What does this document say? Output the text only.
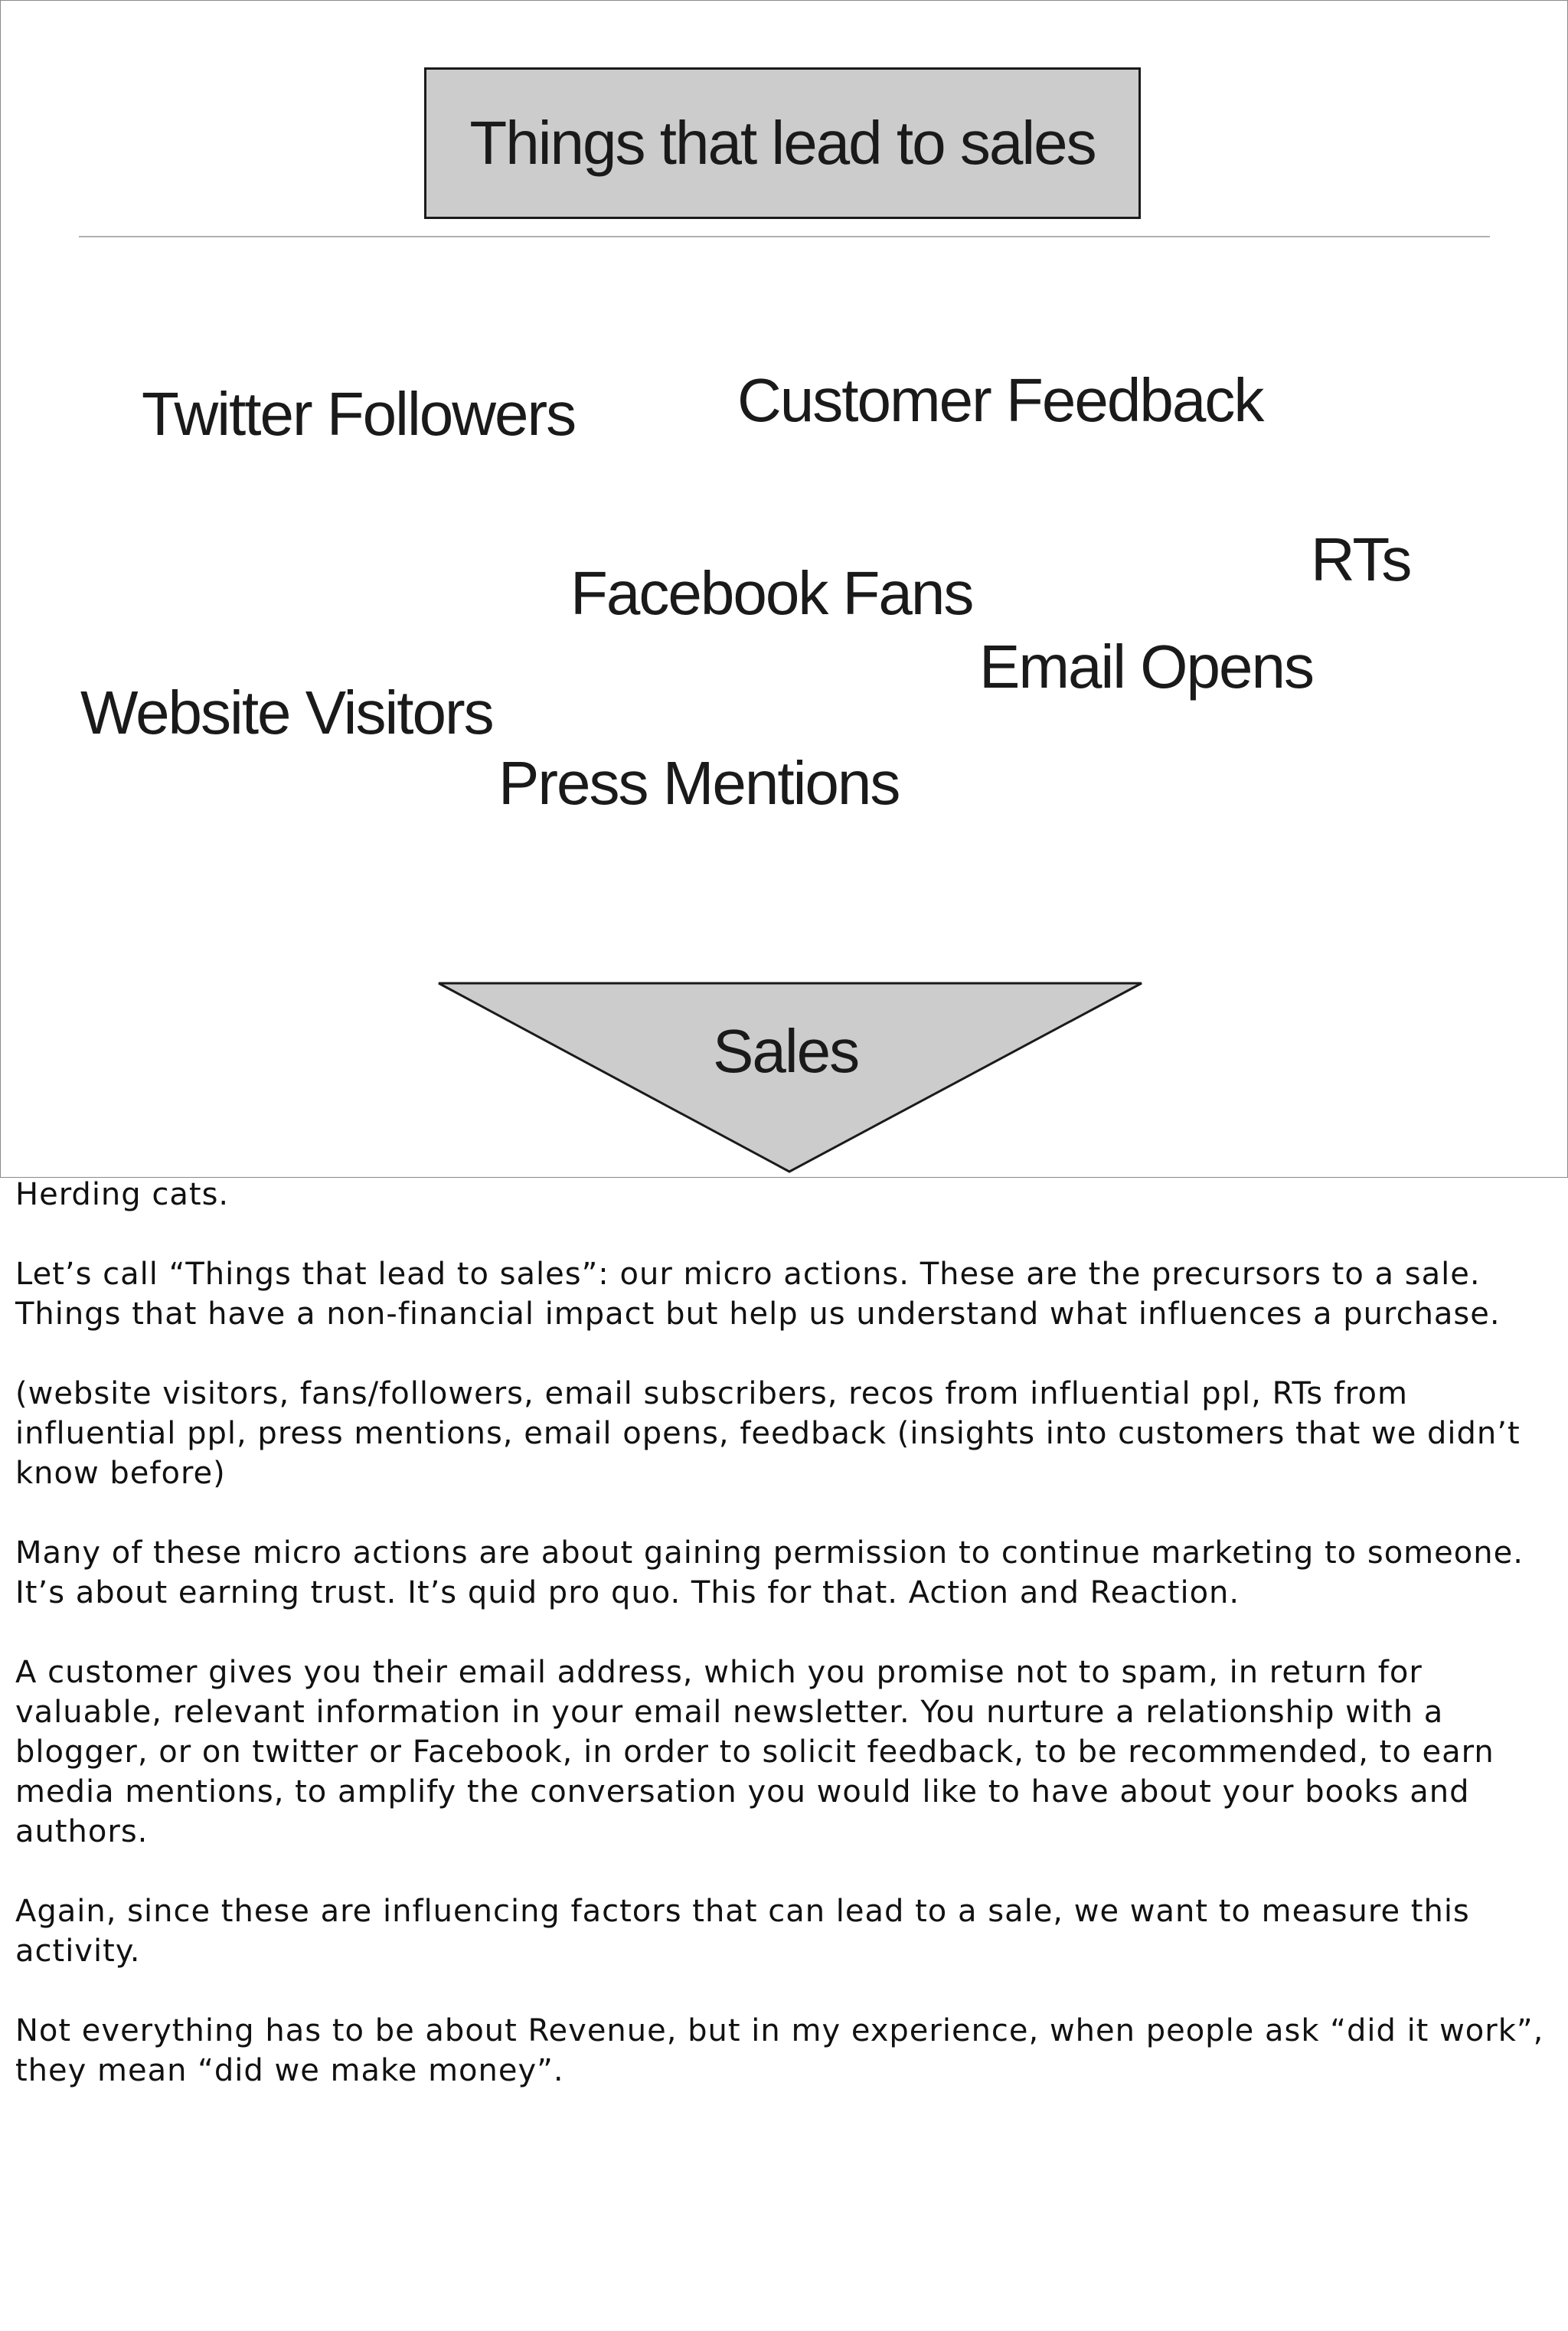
Things that lead to sales
Twitter Followers	Customer Feedback
RTs
Facebook Fans
Email Opens
Website Visitors
Press Mentions
Sales

Herding cats.

Let’s call “Things that lead to sales”: our micro actions. These are the precursors to a sale.
Things that have a non-financial impact but help us understand what influences a purchase.

(website visitors, fans/followers, email subscribers, recos from influential ppl, RTs from
influential ppl, press mentions, email opens, feedback (insights into customers that we didn’t
know before)

Many of these micro actions are about gaining permission to continue marketing to someone.
It’s about earning trust. It’s quid pro quo. This for that. Action and Reaction.

A customer gives you their email address, which you promise not to spam, in return for
valuable, relevant information in your email newsletter. You nurture a relationship with a
blogger, or on twitter or Facebook, in order to solicit feedback, to be recommended, to earn
media mentions, to amplify the conversation you would like to have about your books and
authors.

Again, since these are influencing factors that can lead to a sale, we want to measure this
activity.

Not everything has to be about Revenue, but in my experience, when people ask “did it work”,
they mean “did we make money”.
